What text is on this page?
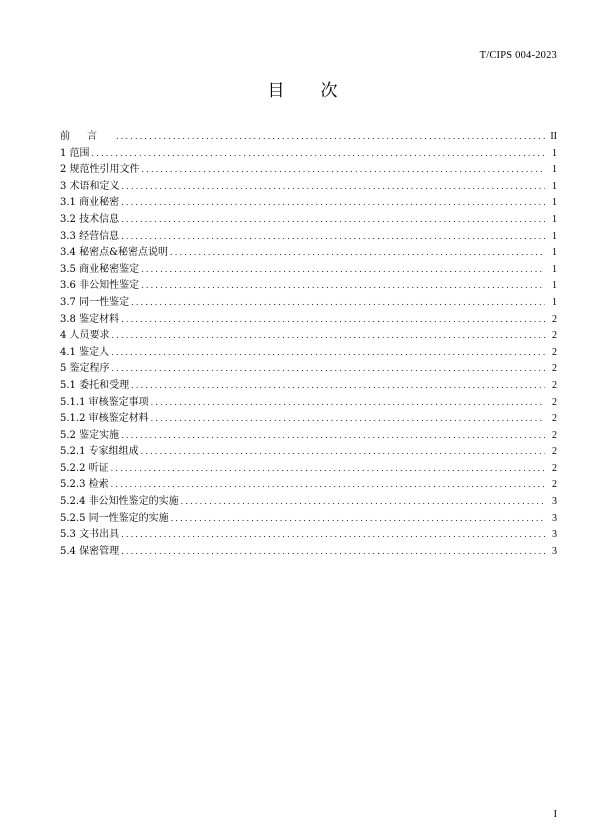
T/CIPS 004-2023
目次
前言 .....	II
1 范围 .....	1
2 规范性引用文件 .....	1
3 术语和定义 .....	1
3.1 商业秘密 .....	1
3.2 技术信息 .....	1
3.3 经营信息 .....	1
3.4 秘密点&秘密点说明 .....	1
3.5 商业秘密鉴定 .....	1
3.6 非公知性鉴定 .....	1
3.7 同一性鉴定 .....	1
3.8 鉴定材料 .....	2
4 人员要求 .....	2
4.1 鉴定人 .....	2
5 鉴定程序 .....	2
5.1 委托和受理 .....	2
5.1.1 审核鉴定事项 .....	2
5.1.2 审核鉴定材料 .....	2
5.2 鉴定实施 .....	2
5.2.1 专家组组成 .....	2
5.2.2 听证 .....	2
5.2.3 检索 .....	2
5.2.4 非公知性鉴定的实施 .....	3
5.2.5 同一性鉴定的实施 .....	3
5.3 文书出具 .....	3
5.4 保密管理 .....	3
I
